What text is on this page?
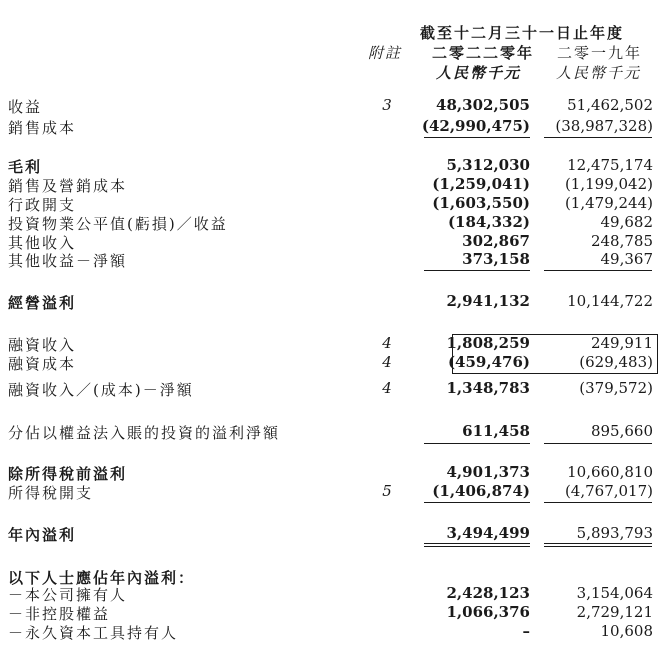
截至十二月三十一日止年度
附註 二零二二零年 二零一九年
人民幣千元 人民幣千元
收益	3	48,302,505 51,462,502
銷售成本	(42,990,475) (38,987,328)
毛利	5,312,030 12,475,174
銷售及營銷成本	(1,259,041) (1,199,042)
行政開支	(1,603,550) (1,479,244)
投資物業公平值(虧損)／收益	(184,332)	49,682
其他收入	302,867	248,785
其他收益－淨額	373,158	49,367
經營溢利	2,941,132 10,144,722
融資收入	4	1,808,259	249,911
融資成本	4	(459,476)	(629,483)
融資收入／(成本)－淨額	4	1,348,783	(379,572)
分佔以權益法入賬的投資的溢利淨額	611,458	895,660
除所得稅前溢利	4,901,373 10,660,810
所得稅開支	5	(1,406,874) (4,767,017)
年內溢利	3,494,499	5,893,793
以下人士應佔年內溢利：
－本公司擁有人	2,428,123	3,154,064
－非控股權益	1,066,376	2,729,121
－永久資本工具持有人	–	10,608
